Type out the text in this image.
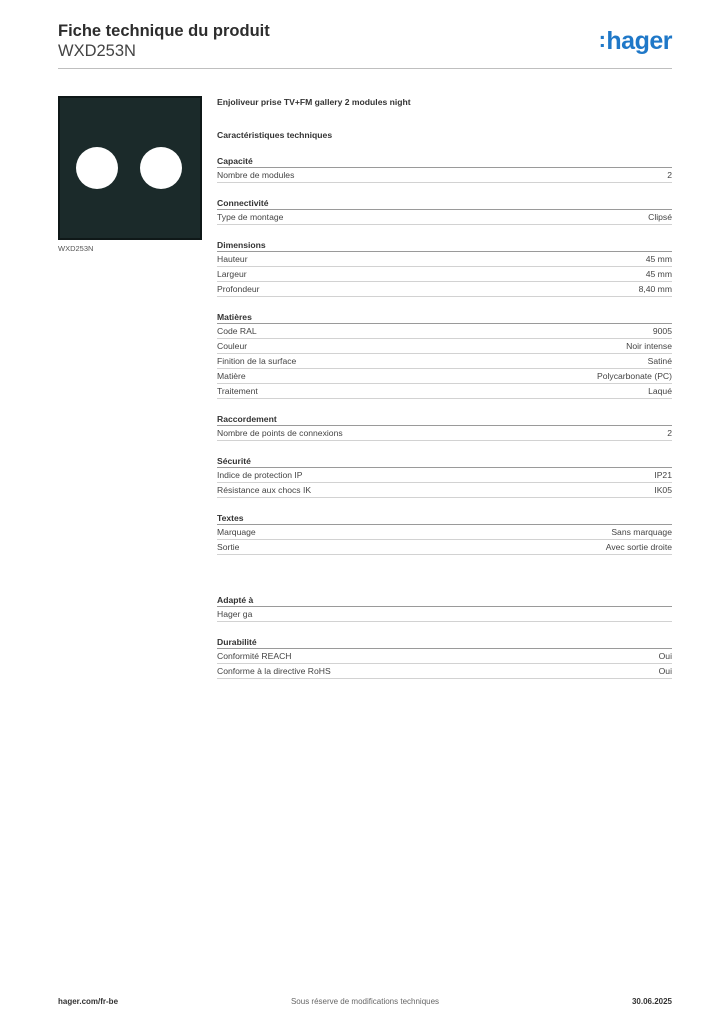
Fiche technique du produit
WXD253N	:hager
WXD253N
Enjoliveur prise TV+FM gallery 2 modules night
Caractéristiques techniques
Capacité
Nombre de modules	2
Connectivité
Type de montage	Clipsé
Dimensions
Hauteur	45 mm
Largeur	45 mm
Profondeur	8,40 mm
Matières
Code RAL	9005
Couleur	Noir intense
Finition de la surface	Satiné
Matière	Polycarbonate (PC)
Traitement	Laqué
Raccordement
Nombre de points de connexions	2
Sécurité
Indice de protection IP	IP21
Résistance aux chocs IK	IK05
Textes
Marquage	Sans marquage
Sortie	Avec sortie droite
Adapté à
Hager ga
Durabilité
Conformité REACH	Oui
Conforme à la directive RoHS	Oui
hager.com/fr-be	Sous réserve de modifications techniques	30.06.2025
